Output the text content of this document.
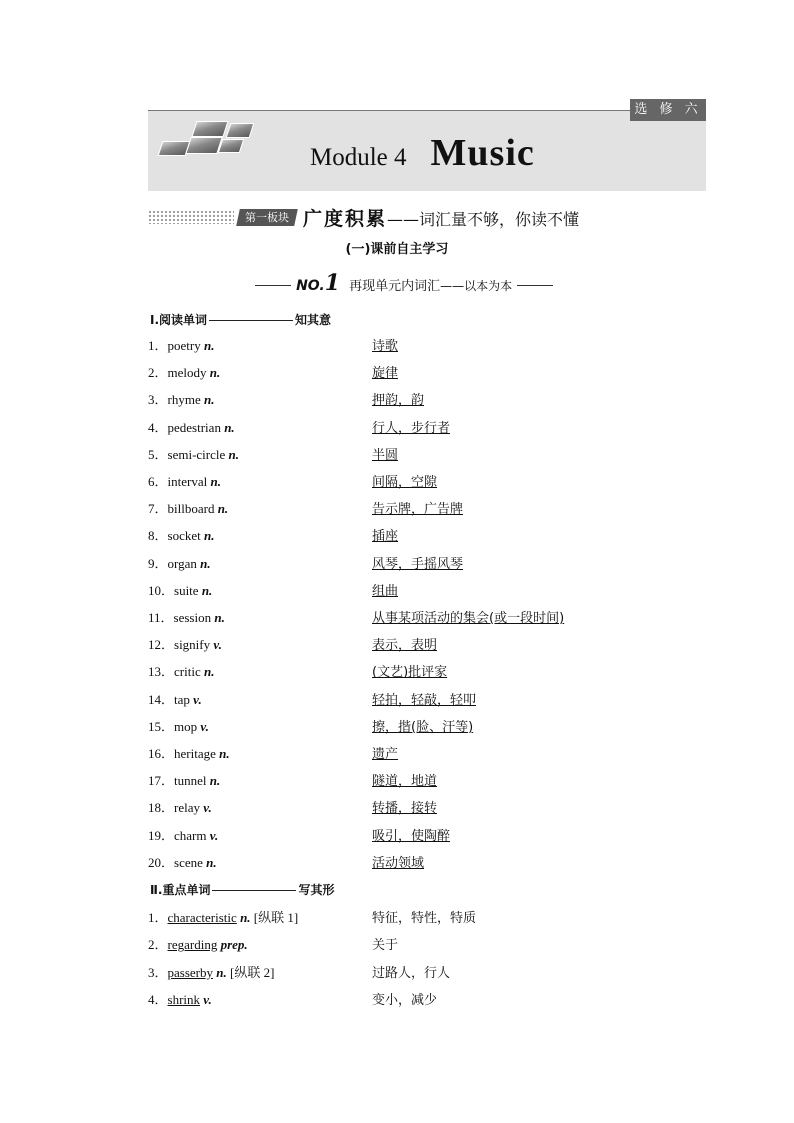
选 修 六
Module 4 Music
第一板块 广度积累——词汇量不够，你读不懂
(一)课前自主学习
NO.1 再现单元内词汇——以本为本
Ⅰ.阅读单词	知其意
1．poetry n.	诗歌
2．melody n.	旋律
3．rhyme n.	押韵，韵
4．pedestrian n.	行人，步行者
5．semi-circle n.	半圆
6．interval n.	间隔，空隙
7．billboard n.	告示牌，广告牌
8．socket n.	插座
9．organ n.	风琴，手摇风琴
10．suite n.	组曲
11．session n.	从事某项活动的集会(或一段时间)
12．signify v.	表示，表明
13．critic n.	(文艺)批评家
14．tap v.	轻拍，轻敲，轻叩
15．mop v.	擦，揩(脸、汗等)
16．heritage n.	遗产
17．tunnel n.	隧道，地道
18．relay v.	转播，接转
19．charm v.	吸引，使陶醉
20．scene n.	活动领域
Ⅱ.重点单词	写其形
1．characteristic n. [纵联 1]	特征，特性，特质
2．regarding prep.	关于
3．passerby n. [纵联 2]	过路人，行人
4．shrink v.	变小，减少
